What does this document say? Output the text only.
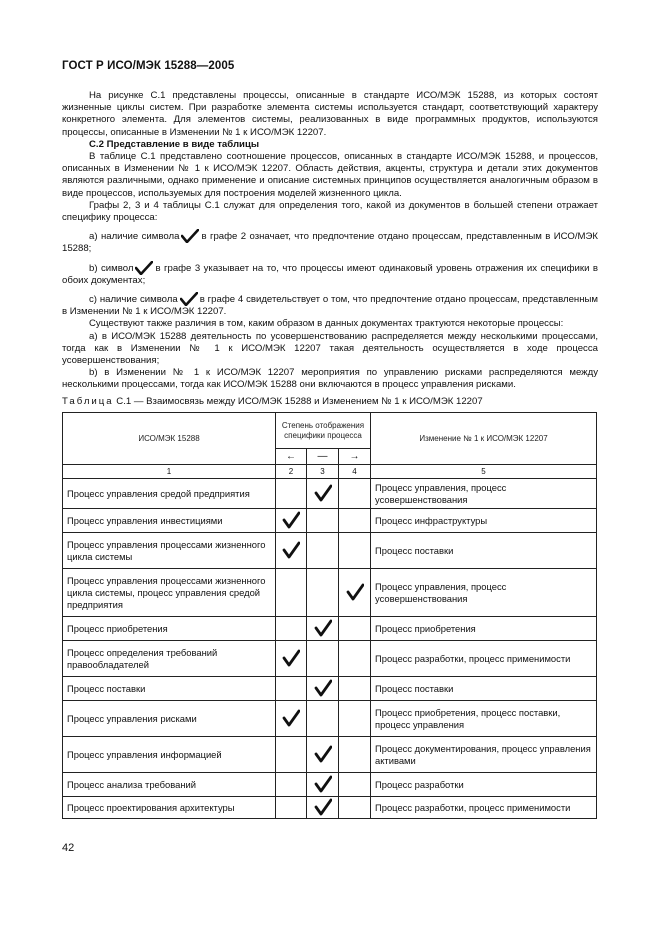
ГОСТ Р ИСО/МЭК 15288—2005

На рисунке С.1 представлены процессы, описанные в стандарте ИСО/МЭК 15288, из которых состоят жизненные циклы систем. При разработке элемента системы используется стандарт, соответствующий характеру конкретного элемента. Для элементов системы, реализованных в виде программных продуктов, используются процессы, описанные в Изменении № 1 к ИСО/МЭК 12207.

С.2 Представление в виде таблицы

В таблице С.1 представлено соотношение процессов, описанных в стандарте ИСО/МЭК 15288, и процессов, описанных в Изменении № 1 к ИСО/МЭК 12207. Область действия, акценты, структура и детали этих документов являются различными, однако применение и описание системных принципов осуществляется аналогичным образом в виде процессов, используемых для построения моделей жизненного цикла.

Графы 2, 3 и 4 таблицы С.1 служат для определения того, какой из документов в большей степени отражает специфику процесса:

а) наличие символа в графе 2 означает, что предпочтение отдано процессам, представленным в ИСО/МЭК 15288;

b) символ в графе 3 указывает на то, что процессы имеют одинаковый уровень отражения их специфики в обоих документах;

с) наличие символа в графе 4 свидетельствует о том, что предпочтение отдано процессам, представленным в Изменении № 1 к ИСО/МЭК 12207.

Существуют также различия в том, каким образом в данных документах трактуются некоторые процессы:

а) в ИСО/МЭК 15288 деятельность по усовершенствованию распределяется между несколькими процессами, тогда как в Изменении № 1 к ИСО/МЭК 12207 такая деятельность осуществляется в ходе процесса усовершенствования;

b) в Изменении № 1 к ИСО/МЭК 12207 мероприятия по управлению рисками распределяются между несколькими процессами, тогда как ИСО/МЭК 15288 они включаются в процесс управления рисками.

Таблица С.1 — Взаимосвязь между ИСО/МЭК 15288 и Изменением № 1 к ИСО/МЭК 12207
ИСО/МЭК 15288	Степень отображения специфики процесса			Изменение № 1 к ИСО/МЭК 12207
	←	—	→	
1	2	3	4	5
Процесс управления средой предприятия				Процесс управления, процесс усовершенствования
Процесс управления инвестициями				Процесс инфраструктуры
Процесс управления процессами жизненного цикла системы				Процесс поставки
Процесс управления процессами жизненного цикла системы, процесс управления средой предприятия				Процесс управления, процесс усовершенствования
Процесс приобретения				Процесс приобретения
Процесс определения требований правообладателей				Процесс разработки, процесс применимости
Процесс поставки				Процесс поставки
Процесс управления рисками				Процесс приобретения, процесс поставки, процесс управления
Процесс управления информацией				Процесс документирования, процесс управления активами
Процесс анализа требований				Процесс разработки
Процесс проектирования архитектуры				Процесс разработки, процесс применимости
42
